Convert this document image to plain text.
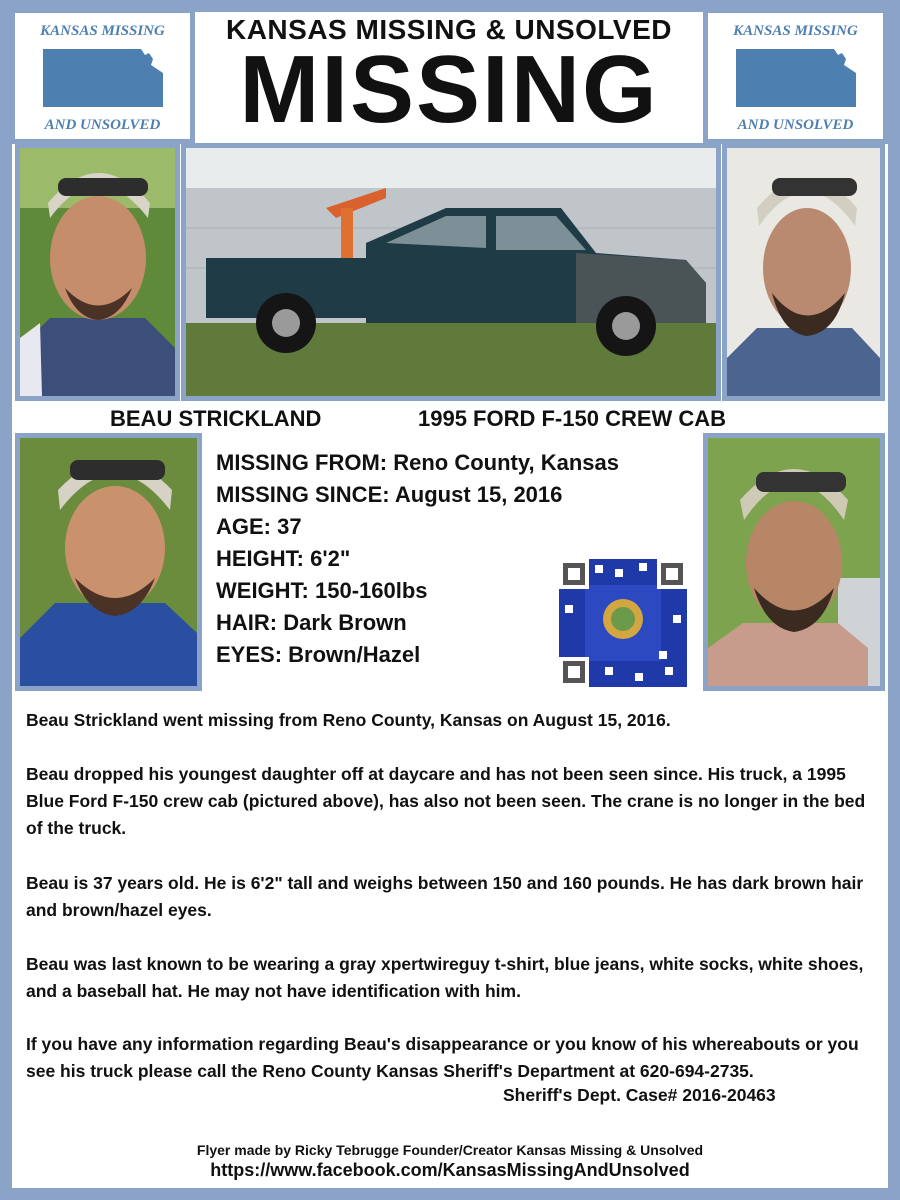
KANSAS MISSING
AND UNSOLVED
KANSAS MISSING
AND UNSOLVED
KANSAS MISSING & UNSOLVED
MISSING
BEAU STRICKLAND	1995 FORD F-150 CREW CAB
MISSING FROM: Reno County, Kansas
MISSING SINCE: August 15, 2016
AGE: 37
HEIGHT: 6'2"
WEIGHT: 150-160lbs
HAIR: Dark Brown
EYES: Brown/Hazel
Beau Strickland went missing from Reno County, Kansas on August 15, 2016.
Beau dropped his youngest daughter off at daycare and has not been seen since. His truck, a 1995 Blue Ford F-150 crew cab (pictured above), has also not been seen. The crane is no longer in the bed of the truck.
Beau is 37 years old. He is 6'2" tall and weighs between 150 and 160 pounds. He has dark brown hair and brown/hazel eyes.
Beau was last known to be wearing a gray xpertwireguy t-shirt, blue jeans, white socks, white shoes, and a baseball hat. He may not have identification with him.
If you have any information regarding Beau's disappearance or you know of his whereabouts or you see his truck please call the Reno County Kansas Sheriff's Department at 620-694-2735.
Sheriff's Dept. Case# 2016-20463
Flyer made by Ricky Tebrugge Founder/Creator Kansas Missing & Unsolved
https://www.facebook.com/KansasMissingAndUnsolved
